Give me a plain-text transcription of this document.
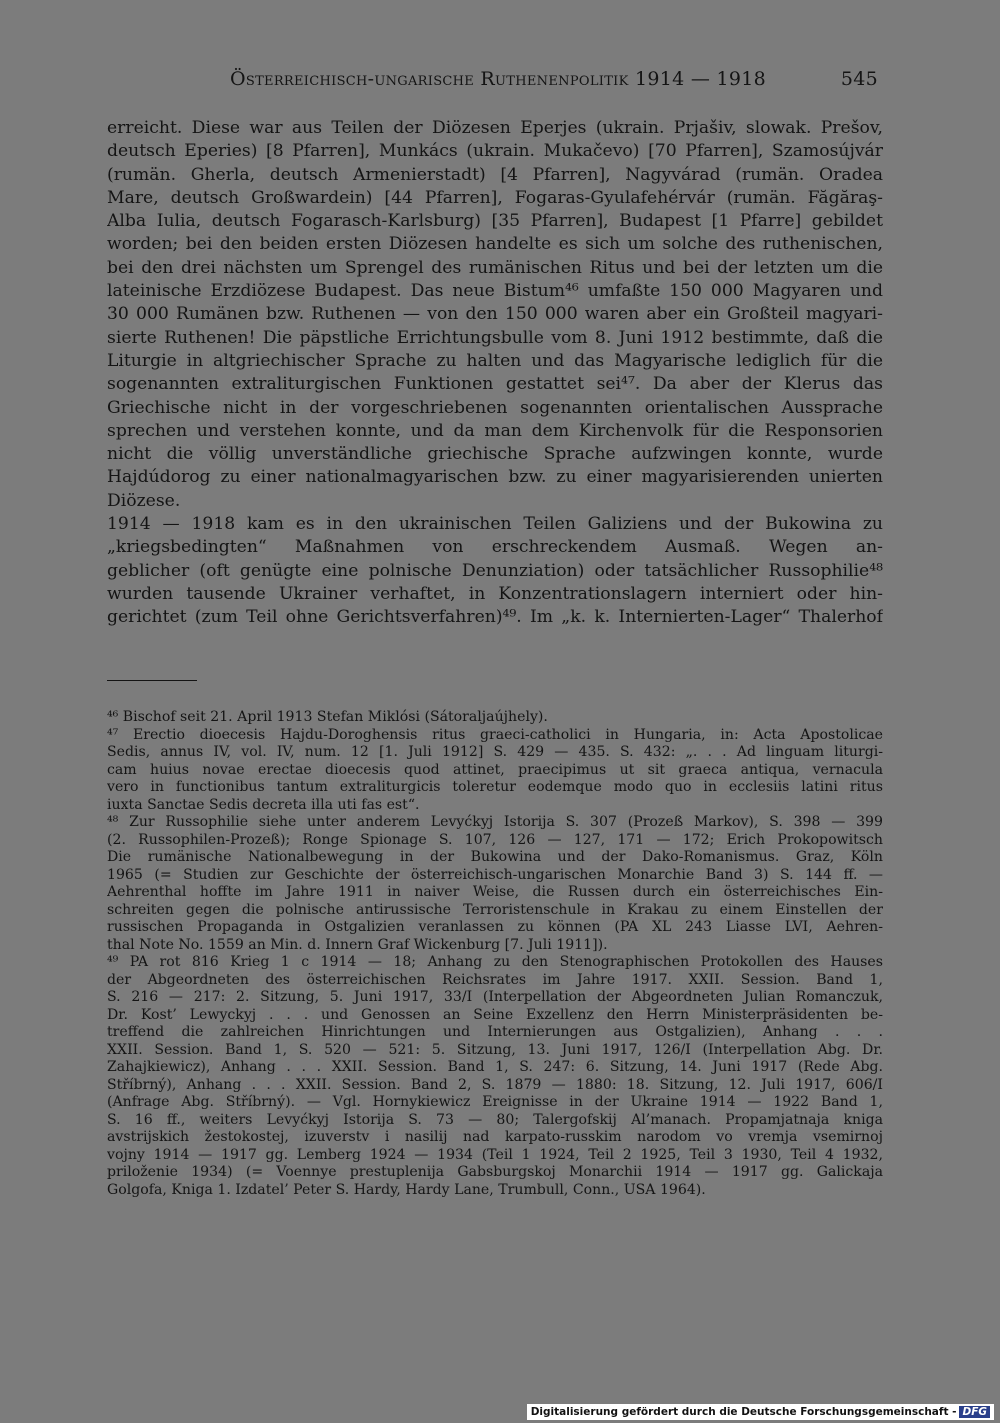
Österreichisch-ungarische Ruthenenpolitik 1914 — 1918	545
erreicht. Diese war aus Teilen der Diözesen Eperjes (ukrain. Prjašiv, slowak. Prešov,
deutsch Eperies) [8 Pfarren], Munkács (ukrain. Mukačevo) [70 Pfarren], Szamosújvár
(rumän. Gherla, deutsch Armenierstadt) [4 Pfarren], Nagyvárad (rumän. Oradea
Mare, deutsch Großwardein) [44 Pfarren], Fogaras-Gyulafehérvár (rumän. Făgăraş-
Alba Iulia, deutsch Fogarasch-Karlsburg) [35 Pfarren], Budapest [1 Pfarre] gebildet
worden; bei den beiden ersten Diözesen handelte es sich um solche des ruthenischen,
bei den drei nächsten um Sprengel des rumänischen Ritus und bei der letzten um die
lateinische Erzdiözese Budapest. Das neue Bistum⁴⁶ umfaßte 150 000 Magyaren und
30 000 Rumänen bzw. Ruthenen — von den 150 000 waren aber ein Großteil magyari-
sierte Ruthenen! Die päpstliche Errichtungsbulle vom 8. Juni 1912 bestimmte, daß die
Liturgie in altgriechischer Sprache zu halten und das Magyarische lediglich für die
sogenannten extraliturgischen Funktionen gestattet sei⁴⁷. Da aber der Klerus das
Griechische nicht in der vorgeschriebenen sogenannten orientalischen Aussprache
sprechen und verstehen konnte, und da man dem Kirchenvolk für die Responsorien
nicht die völlig unverständliche griechische Sprache aufzwingen konnte, wurde
Hajdúdorog zu einer nationalmagyarischen bzw. zu einer magyarisierenden unierten
Diözese.
1914 — 1918 kam es in den ukrainischen Teilen Galiziens und der Bukowina zu
„kriegsbedingten“ Maßnahmen von erschreckendem Ausmaß. Wegen an-
geblicher (oft genügte eine polnische Denunziation) oder tatsächlicher Russophilie⁴⁸
wurden tausende Ukrainer verhaftet, in Konzentrationslagern interniert oder hin-
gerichtet (zum Teil ohne Gerichtsverfahren)⁴⁹. Im „k. k. Internierten-Lager“ Thalerhof
⁴⁶ Bischof seit 21. April 1913 Stefan Miklósi (Sátoraljaújhely).
⁴⁷ Erectio dioecesis Hajdu-Doroghensis ritus graeci-catholici in Hungaria, in: Acta Apostolicae
Sedis, annus IV, vol. IV, num. 12 [1. Juli 1912] S. 429 — 435. S. 432: „. . . Ad linguam liturgi-
cam huius novae erectae dioecesis quod attinet, praecipimus ut sit graeca antiqua, vernacula
vero in functionibus tantum extraliturgicis toleretur eodemque modo quo in ecclesiis latini ritus
iuxta Sanctae Sedis decreta illa uti fas est“.
⁴⁸ Zur Russophilie siehe unter anderem Levyćkyj Istorija S. 307 (Prozeß Markov), S. 398 — 399
(2. Russophilen-Prozeß); Ronge Spionage S. 107, 126 — 127, 171 — 172; Erich Prokopowitsch
Die rumänische Nationalbewegung in der Bukowina und der Dako-Romanismus. Graz, Köln
1965 (= Studien zur Geschichte der österreichisch-ungarischen Monarchie Band 3) S. 144 ff. —
Aehrenthal hoffte im Jahre 1911 in naiver Weise, die Russen durch ein österreichisches Ein-
schreiten gegen die polnische antirussische Terroristenschule in Krakau zu einem Einstellen der
russischen Propaganda in Ostgalizien veranlassen zu können (PA XL 243 Liasse LVI, Aehren-
thal Note No. 1559 an Min. d. Innern Graf Wickenburg [7. Juli 1911]).
⁴⁹ PA rot 816 Krieg 1 c 1914 — 18; Anhang zu den Stenographischen Protokollen des Hauses
der Abgeordneten des österreichischen Reichsrates im Jahre 1917. XXII. Session. Band 1,
S. 216 — 217: 2. Sitzung, 5. Juni 1917, 33/I (Interpellation der Abgeordneten Julian Romanczuk,
Dr. Kost’ Lewyckyj . . . und Genossen an Seine Exzellenz den Herrn Ministerpräsidenten be-
treffend die zahlreichen Hinrichtungen und Internierungen aus Ostgalizien), Anhang . . .
XXII. Session. Band 1, S. 520 — 521: 5. Sitzung, 13. Juni 1917, 126/I (Interpellation Abg. Dr.
Zahajkiewicz), Anhang . . . XXII. Session. Band 1, S. 247: 6. Sitzung, 14. Juni 1917 (Rede Abg.
Stříbrný), Anhang . . . XXII. Session. Band 2, S. 1879 — 1880: 18. Sitzung, 12. Juli 1917, 606/I
(Anfrage Abg. Stříbrný). — Vgl. Hornykiewicz Ereignisse in der Ukraine 1914 — 1922 Band 1,
S. 16 ff., weiters Levyćkyj Istorija S. 73 — 80; Talergofskij Al’manach. Propamjatnaja kniga
avstrijskich žestokostej, izuverstv i nasilij nad karpato-russkim narodom vo vremja vsemirnoj
vojny 1914 — 1917 gg. Lemberg 1924 — 1934 (Teil 1 1924, Teil 2 1925, Teil 3 1930, Teil 4 1932,
priloženie 1934) (= Voennye prestuplenija Gabsburgskoj Monarchii 1914 — 1917 gg. Galickaja
Golgofa, Kniga 1. Izdatel’ Peter S. Hardy, Hardy Lane, Trumbull, Conn., USA 1964).
Digitalisierung gefördert durch die Deutsche Forschungsgemeinschaft - DFG
